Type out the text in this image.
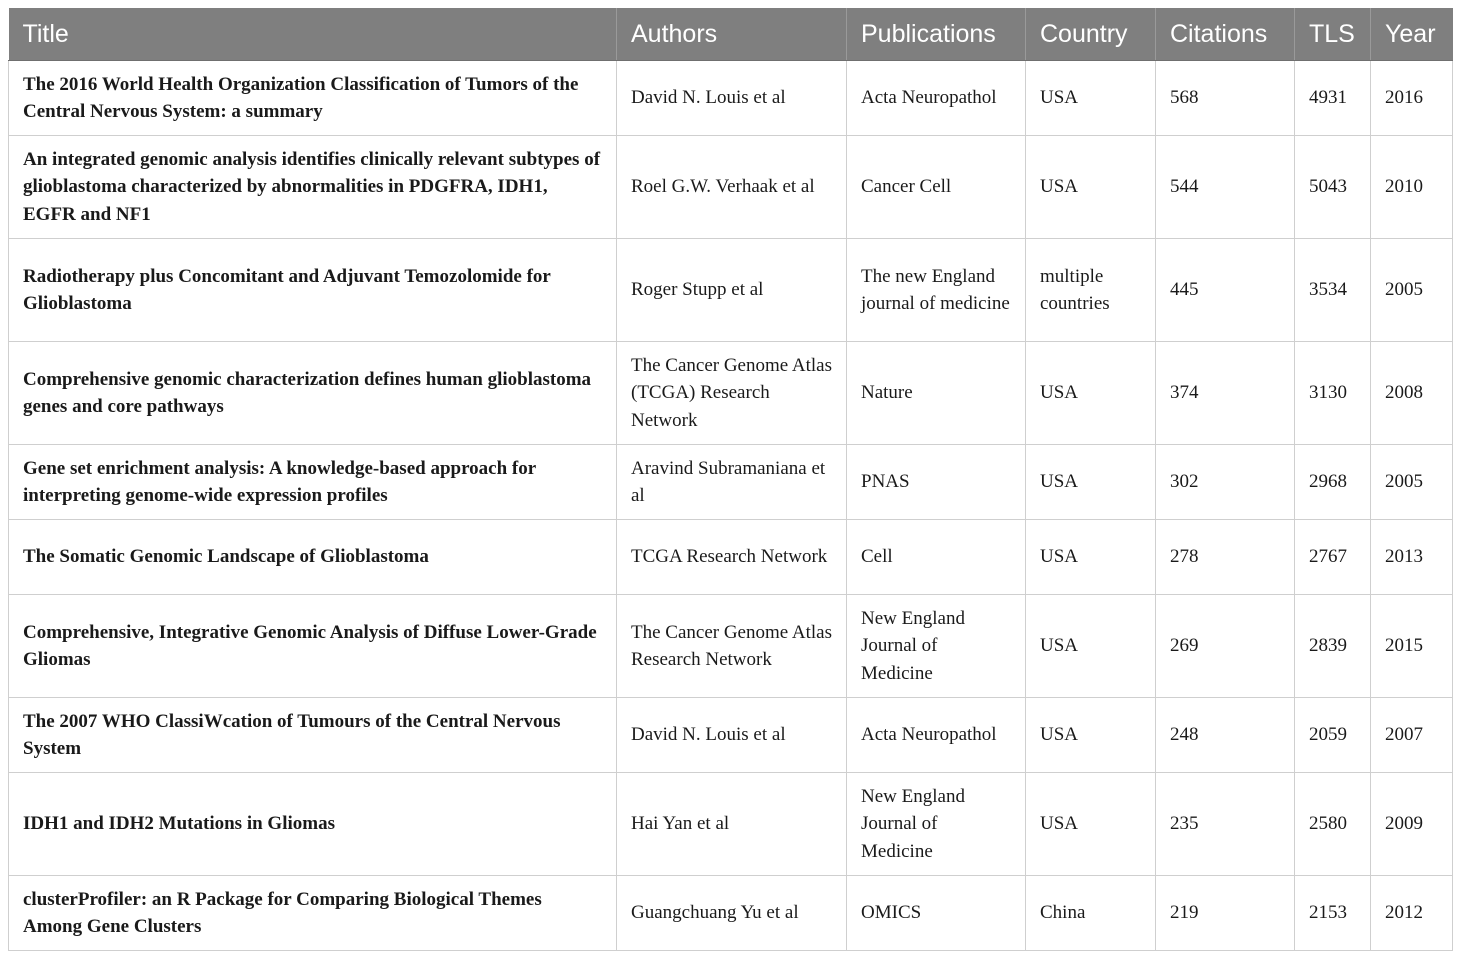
Title	Authors	Publications	Country	Citations	TLS	Year
The 2016 World Health Organization Classification of Tumors of the Central Nervous System: a summary	David N. Louis et al	Acta Neuropathol	USA	568	4931	2016
An integrated genomic analysis identifies clinically relevant subtypes of glioblastoma characterized by abnormalities in PDGFRA, IDH1, EGFR and NF1	Roel G.W. Verhaak et al	Cancer Cell	USA	544	5043	2010
Radiotherapy plus Concomitant and Adjuvant Temozolomide for Glioblastoma	Roger Stupp et al	The new England journal of medicine	multiple countries	445	3534	2005
Comprehensive genomic characterization defines human glioblastoma genes and core pathways	The Cancer Genome Atlas (TCGA) Research Network	Nature	USA	374	3130	2008
Gene set enrichment analysis: A knowledge-based approach for interpreting genome-wide expression profiles	Aravind Subramaniana et al	PNAS	USA	302	2968	2005
The Somatic Genomic Landscape of Glioblastoma	TCGA Research Network	Cell	USA	278	2767	2013
Comprehensive, Integrative Genomic Analysis of Diffuse Lower-Grade Gliomas	The Cancer Genome Atlas Research Network	New England Journal of Medicine	USA	269	2839	2015
The 2007 WHO ClassiWcation of Tumours of the Central Nervous System	David N. Louis et al	Acta Neuropathol	USA	248	2059	2007
IDH1 and IDH2 Mutations in Gliomas	Hai Yan et al	New England Journal of Medicine	USA	235	2580	2009
clusterProfiler: an R Package for Comparing Biological Themes Among Gene Clusters	Guangchuang Yu et al	OMICS	China	219	2153	2012
